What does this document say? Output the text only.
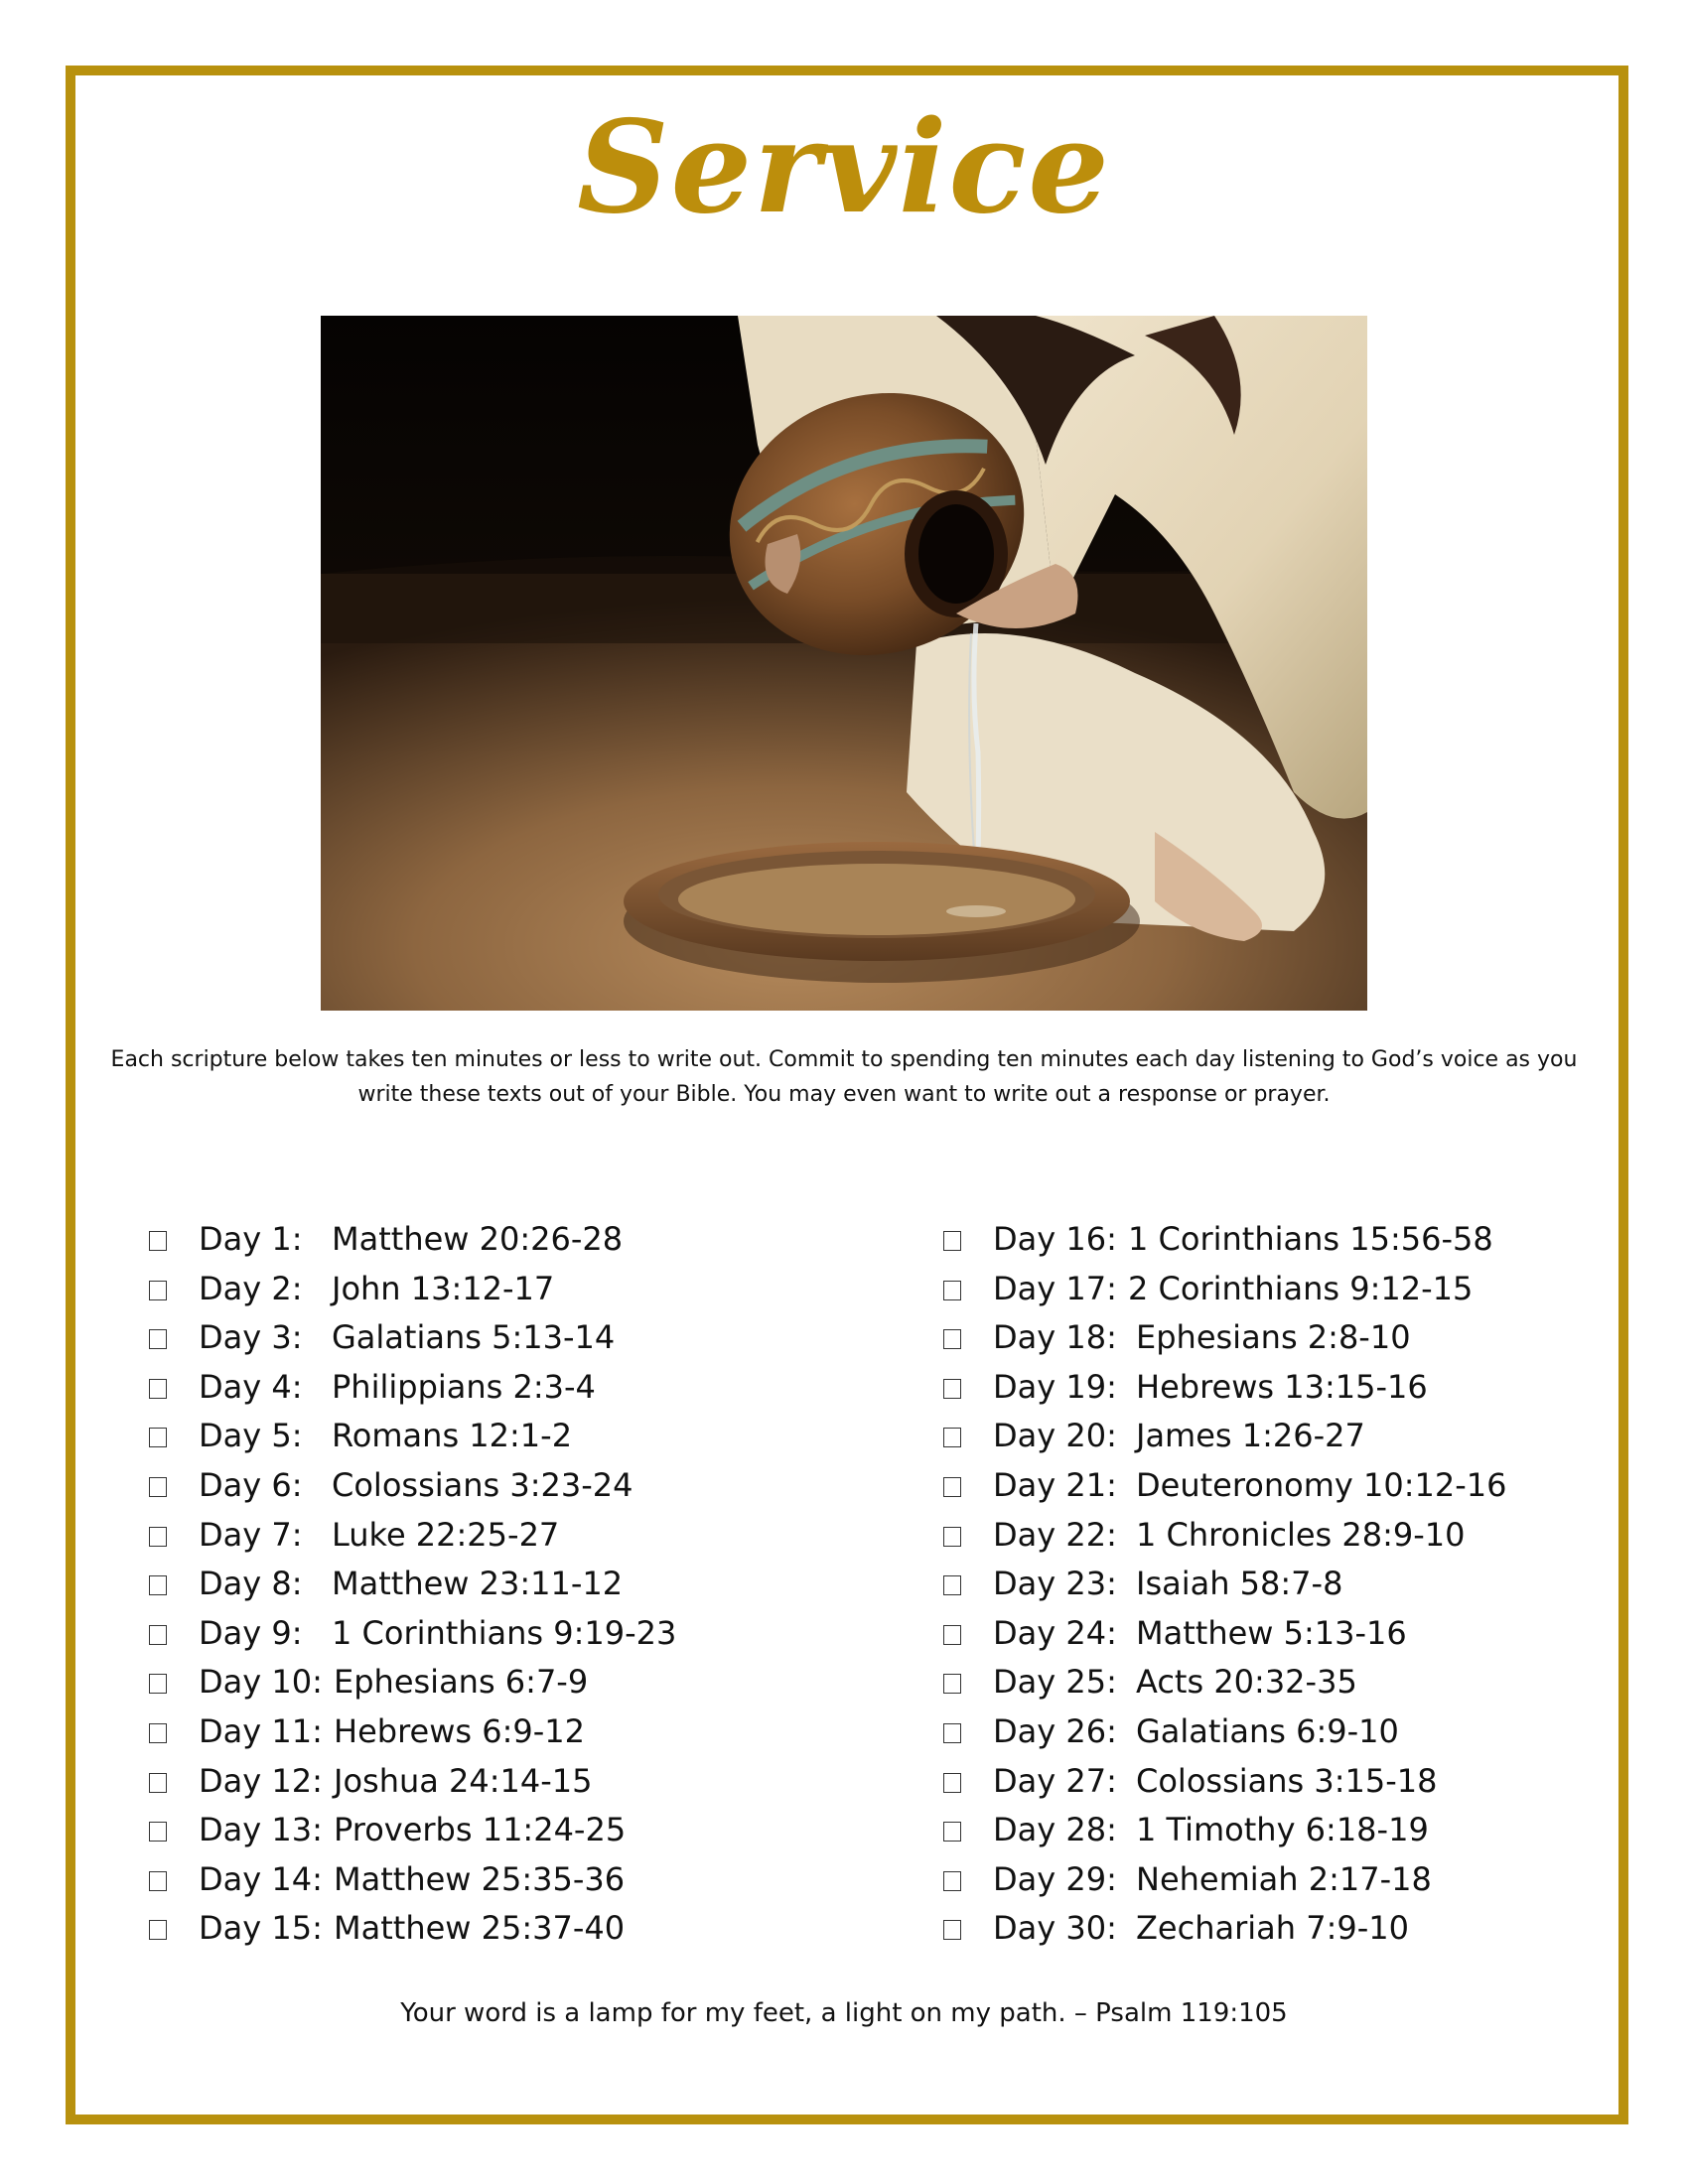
Service
Each scripture below takes ten minutes or less to write out. Commit to spending ten minutes each day listening to God’s voice as you write these texts out of your Bible. You may even want to write out a response or prayer.
Day 1: Matthew 20:26-28
Day 2: John 13:12-17
Day 3: Galatians 5:13-14
Day 4: Philippians 2:3-4
Day 5: Romans 12:1-2
Day 6: Colossians 3:23-24
Day 7: Luke 22:25-27
Day 8: Matthew 23:11-12
Day 9: 1 Corinthians 9:19-23
Day 10: Ephesians 6:7-9
Day 11: Hebrews 6:9-12
Day 12: Joshua 24:14-15
Day 13: Proverbs 11:24-25
Day 14: Matthew 25:35-36
Day 15: Matthew 25:37-40
Day 16: 1 Corinthians 15:56-58
Day 17: 2 Corinthians 9:12-15
Day 18: Ephesians 2:8-10
Day 19: Hebrews 13:15-16
Day 20: James 1:26-27
Day 21: Deuteronomy 10:12-16
Day 22: 1 Chronicles 28:9-10
Day 23: Isaiah 58:7-8
Day 24: Matthew 5:13-16
Day 25: Acts 20:32-35
Day 26: Galatians 6:9-10
Day 27: Colossians 3:15-18
Day 28: 1 Timothy 6:18-19
Day 29: Nehemiah 2:17-18
Day 30: Zechariah 7:9-10
Your word is a lamp for my feet, a light on my path. – Psalm 119:105
